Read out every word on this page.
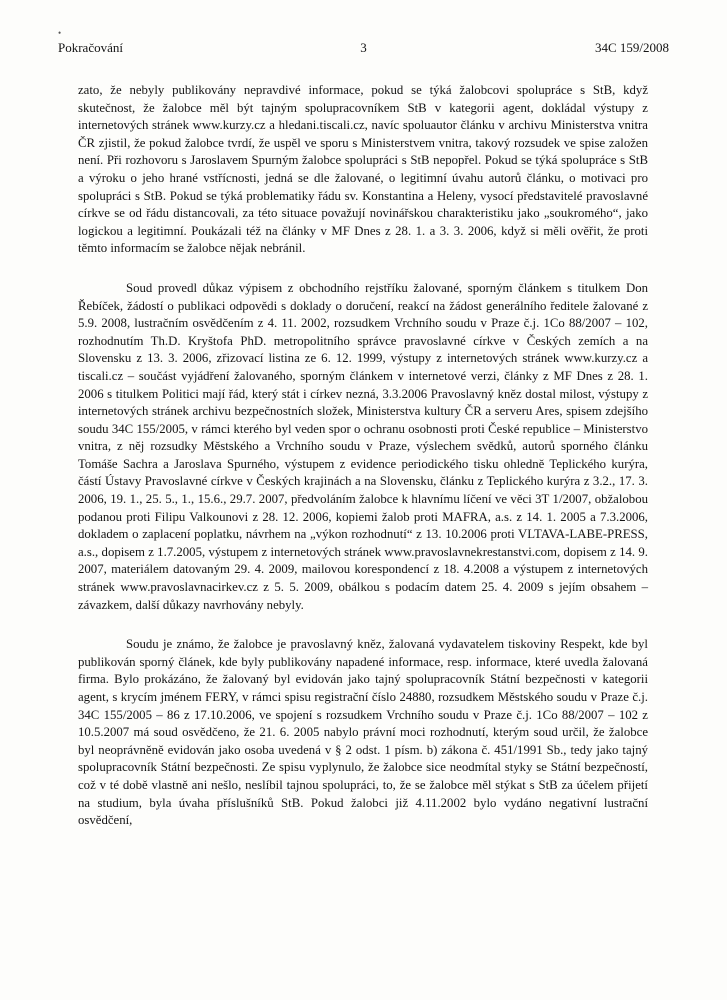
•
Pokračování	3	34C 159/2008

zato, že nebyly publikovány nepravdivé informace, pokud se týká žalobcovi spolupráce s StB, když skutečnost, že žalobce měl být tajným spolupracovníkem StB v kategorii agent, dokládal výstupy z internetových stránek www.kurzy.cz a hledani.tiscali.cz, navíc spoluautor článku v archivu Ministerstva vnitra ČR zjistil, že pokud žalobce tvrdí, že uspěl ve sporu s Ministerstvem vnitra, takový rozsudek ve spise založen není. Při rozhovoru s Jaroslavem Spurným žalobce spolupráci s StB nepopřel. Pokud se týká spolupráce s StB a výroku o jeho hrané vstřícnosti, jedná se dle žalované, o legitimní úvahu autorů článku, o motivaci pro spolupráci s StB. Pokud se týká problematiky řádu sv. Konstantina a Heleny, vysocí představitelé pravoslavné církve se od řádu distancovali, za této situace považují novinářskou charakteristiku jako „soukromého“, jako logickou a legitimní. Poukázali též na články v MF Dnes z 28. 1. a 3. 3. 2006, když si měli ověřit, že proti těmto informacím se žalobce nějak nebránil.

Soud provedl důkaz výpisem z obchodního rejstříku žalované, sporným článkem s titulkem Don Řebíček, žádostí o publikaci odpovědi s doklady o doručení, reakcí na žádost generálního ředitele žalované z 5.9. 2008, lustračním osvědčením z 4. 11. 2002, rozsudkem Vrchního soudu v Praze č.j. 1Co 88/2007 – 102, rozhodnutím Th.D. Kryštofa PhD. metropolitního správce pravoslavné církve v Českých zemích a na Slovensku z 13. 3. 2006, zřizovací listina ze 6. 12. 1999, výstupy z internetových stránek www.kurzy.cz a tiscali.cz – součást vyjádření žalovaného, sporným článkem v internetové verzi, články z MF Dnes z 28. 1. 2006 s titulkem Politici mají řád, který stát i církev nezná, 3.3.2006 Pravoslavný kněz dostal milost, výstupy z internetových stránek archivu bezpečnostních složek, Ministerstva kultury ČR a serveru Ares, spisem zdejšího soudu 34C 155/2005, v rámci kterého byl veden spor o ochranu osobnosti proti České republice – Ministerstvo vnitra, z něj rozsudky Městského a Vrchního soudu v Praze, výslechem svědků, autorů sporného článku Tomáše Sachra a Jaroslava Spurného, výstupem z evidence periodického tisku ohledně Teplického kurýra, částí Ústavy Pravoslavné církve v Českých krajinách a na Slovensku, článku z Teplického kurýra z 3.2., 17. 3. 2006, 19. 1., 25. 5., 1., 15.6., 29.7. 2007, předvoláním žalobce k hlavnímu líčení ve věci 3T 1/2007, obžalobou podanou proti Filipu Valkounovi z 28. 12. 2006, kopiemi žalob proti MAFRA, a.s. z 14. 1. 2005 a 7.3.2006, dokladem o zaplacení poplatku, návrhem na „výkon rozhodnutí“ z 13. 10.2006 proti VLTAVA-LABE-PRESS, a.s., dopisem z 1.7.2005, výstupem z internetových stránek www.pravoslavnekrestanstvi.com, dopisem z 14. 9. 2007, materiálem datovaným 29. 4. 2009, mailovou korespondencí z 18. 4.2008 a výstupem z internetových stránek www.pravoslavnacirkev.cz z 5. 5. 2009, obálkou s podacím datem 25. 4. 2009 s jejím obsahem – závazkem, další důkazy navrhovány nebyly.

Soudu je známo, že žalobce je pravoslavný kněz, žalovaná vydavatelem tiskoviny Respekt, kde byl publikován sporný článek, kde byly publikovány napadené informace, resp. informace, které uvedla žalovaná firma. Bylo prokázáno, že žalovaný byl evidován jako tajný spolupracovník Státní bezpečnosti v kategorii agent, s krycím jménem FERY, v rámci spisu registrační číslo 24880, rozsudkem Městského soudu v Praze č.j. 34C 155/2005 – 86 z 17.10.2006, ve spojení s rozsudkem Vrchního soudu v Praze č.j. 1Co 88/2007 – 102 z 10.5.2007 má soud osvědčeno, že 21. 6. 2005 nabylo právní moci rozhodnutí, kterým soud určil, že žalobce byl neoprávněně evidován jako osoba uvedená v § 2 odst. 1 písm. b) zákona č. 451/1991 Sb., tedy jako tajný spolupracovník Státní bezpečnosti. Ze spisu vyplynulo, že žalobce sice neodmítal styky se Státní bezpečností, což v té době vlastně ani nešlo, neslíbil tajnou spolupráci, to, že se žalobce měl stýkat s StB za účelem přijetí na studium, byla úvaha příslušníků StB. Pokud žalobci již 4.11.2002 bylo vydáno negativní lustrační osvědčení,
